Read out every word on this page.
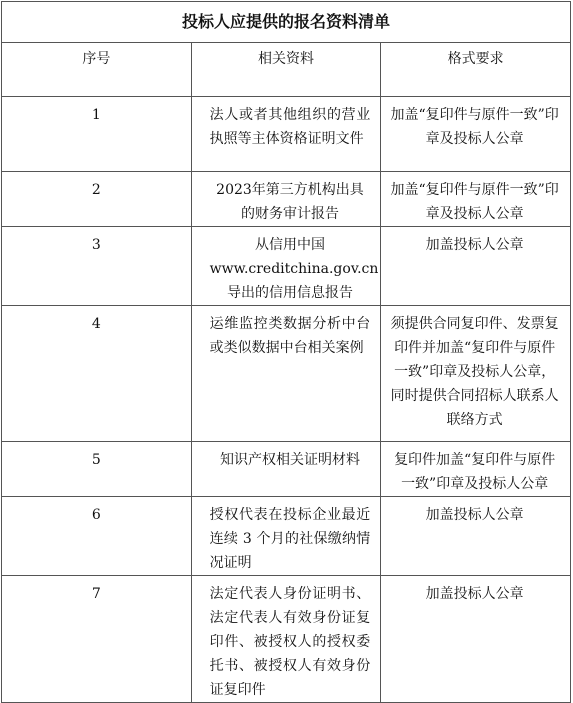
投标人应提供的报名资料清单		
序号	相关资料	格式要求
1	法人或者其他组织的营业执照等主体资格证明文件	加盖“复印件与原件一致”印章及投标人公章
2	2023年第三方机构出具的财务审计报告	加盖“复印件与原件一致”印章及投标人公章
3	从信用中国 www.creditchina.gov.cn 导出的信用信息报告	加盖投标人公章
4	运维监控类数据分析中台或类似数据中台相关案例	须提供合同复印件、发票复印件并加盖“复印件与原件一致”印章及投标人公章，同时提供合同招标人联系人联络方式
5	知识产权相关证明材料	复印件加盖“复印件与原件一致”印章及投标人公章
6	授权代表在投标企业最近连续 3 个月的社保缴纳情况证明	加盖投标人公章
7	法定代表人身份证明书、法定代表人有效身份证复印件、被授权人的授权委托书、被授权人有效身份证复印件	加盖投标人公章
